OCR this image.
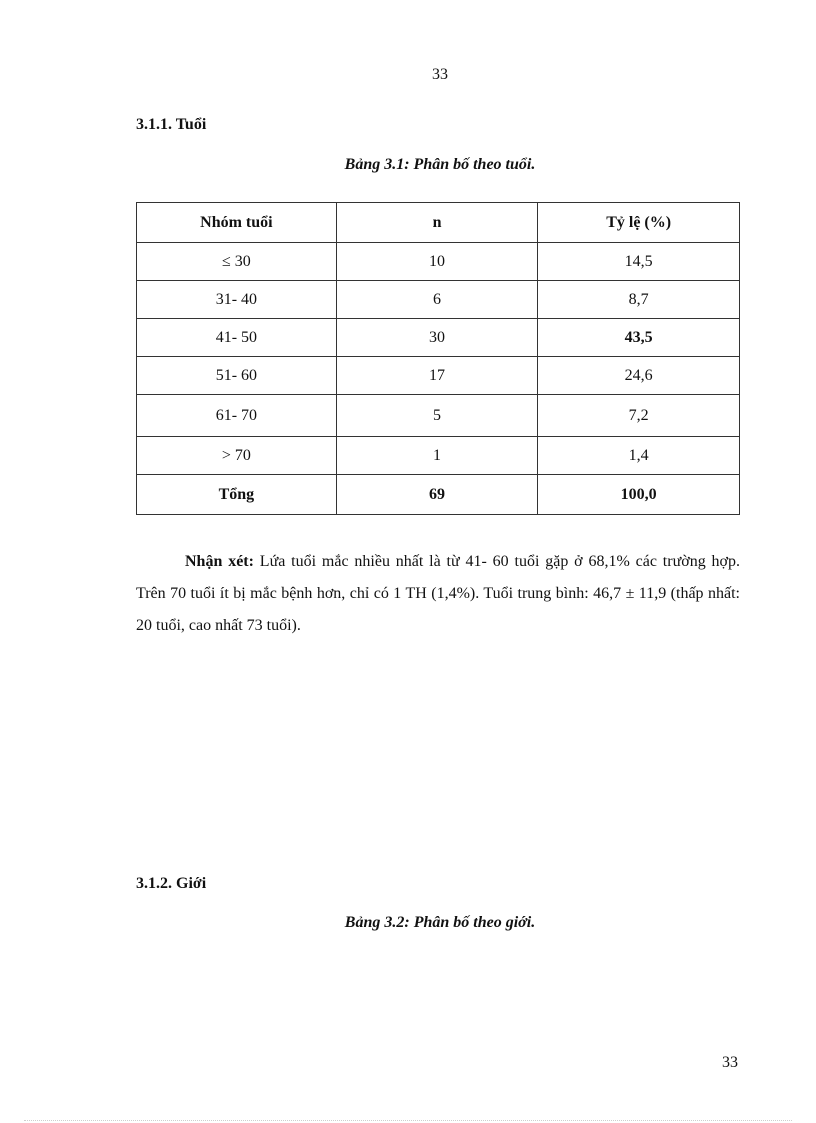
33
3.1.1. Tuổi
Bảng 3.1: Phân bố theo tuổi.
Nhóm tuổi	n	Tỷ lệ (%)
≤ 30	10	14,5
31- 40	6	8,7
41- 50	30	43,5
51- 60	17	24,6
61- 70	5	7,2
> 70	1	1,4
Tổng	69	100,0

Nhận xét: Lứa tuổi mắc nhiều nhất là từ 41- 60 tuổi gặp ở 68,1% các trường hợp. Trên 70 tuổi ít bị mắc bệnh hơn, chỉ có 1 TH (1,4%). Tuổi trung bình: 46,7 ± 11,9 (thấp nhất: 20 tuổi, cao nhất 73 tuổi).

3.1.2. Giới
Bảng 3.2: Phân bố theo giới.
33
